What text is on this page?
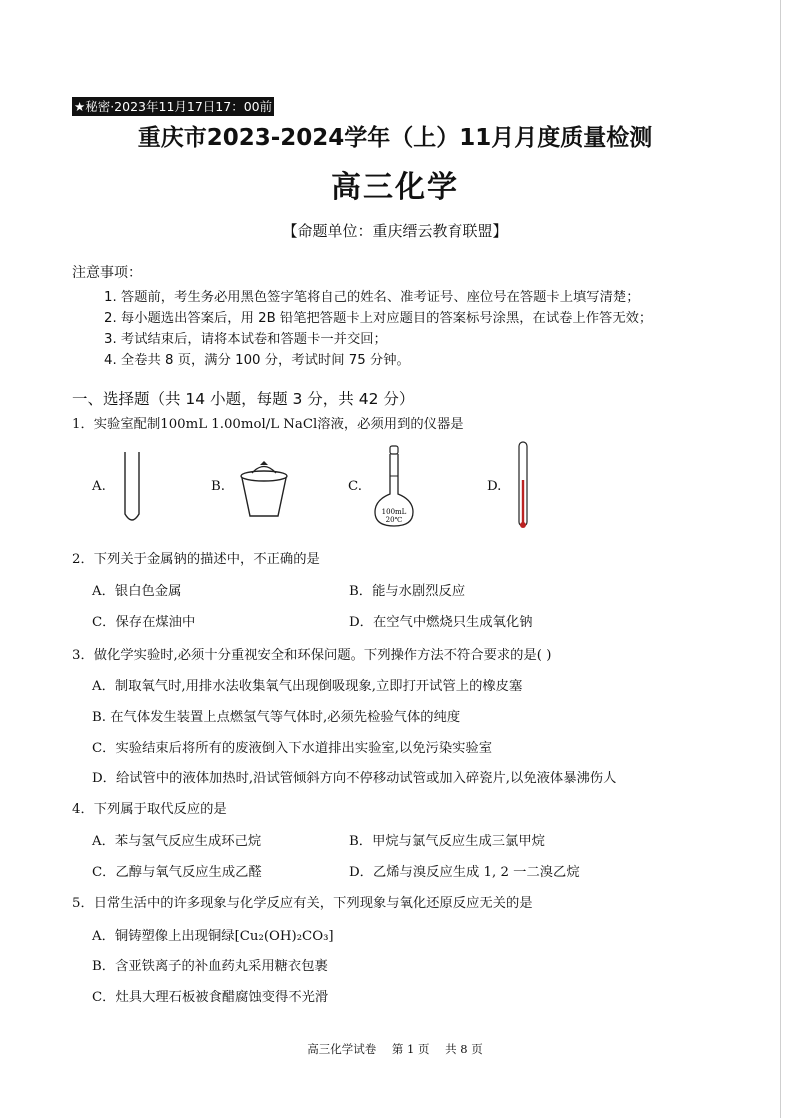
★秘密·2023年11月17日17：00前
重庆市2023-2024学年（上）11月月度质量检测
高三化学
【命题单位：重庆缙云教育联盟】
注意事项：
1. 答题前，考生务必用黑色签字笔将自己的姓名、准考证号、座位号在答题卡上填写清楚；
2. 每小题选出答案后，用 2B 铅笔把答题卡上对应题目的答案标号涂黑，在试卷上作答无效；
3. 考试结束后，请将本试卷和答题卡一并交回；
4. 全卷共 8 页，满分 100 分，考试时间 75 分钟。
一、选择题（共 14 小题，每题 3 分，共 42 分）
1．实验室配制100mL 1.00mol/L NaCl溶液，必须用到的仪器是
A.	B.	C.
100mL
20℃
D.
2．下列关于金属钠的描述中，不正确的是
A．银白色金属	B．能与水剧烈反应
C．保存在煤油中	D．在空气中燃烧只生成氧化钠
3．做化学实验时,必须十分重视安全和环保问题。下列操作方法不符合要求的是( )
A．制取氧气时,用排水法收集氧气出现倒吸现象,立即打开试管上的橡皮塞
B. 在气体发生装置上点燃氢气等气体时,必须先检验气体的纯度
C．实验结束后将所有的废液倒入下水道排出实验室,以免污染实验室
D．给试管中的液体加热时,沿试管倾斜方向不停移动试管或加入碎瓷片,以免液体暴沸伤人
4．下列属于取代反应的是
A．苯与氢气反应生成环己烷	B．甲烷与氯气反应生成三氯甲烷
C．乙醇与氧气反应生成乙醛	D．乙烯与溴反应生成 1, 2 一二溴乙烷
5．日常生活中的许多现象与化学反应有关，下列现象与氧化还原反应无关的是
A．铜铸塑像上出现铜绿[Cu₂(OH)₂CO₃]
B．含亚铁离子的补血药丸采用糖衣包裹
C．灶具大理石板被食醋腐蚀变得不光滑
高三化学试卷 第 1 页 共 8 页
